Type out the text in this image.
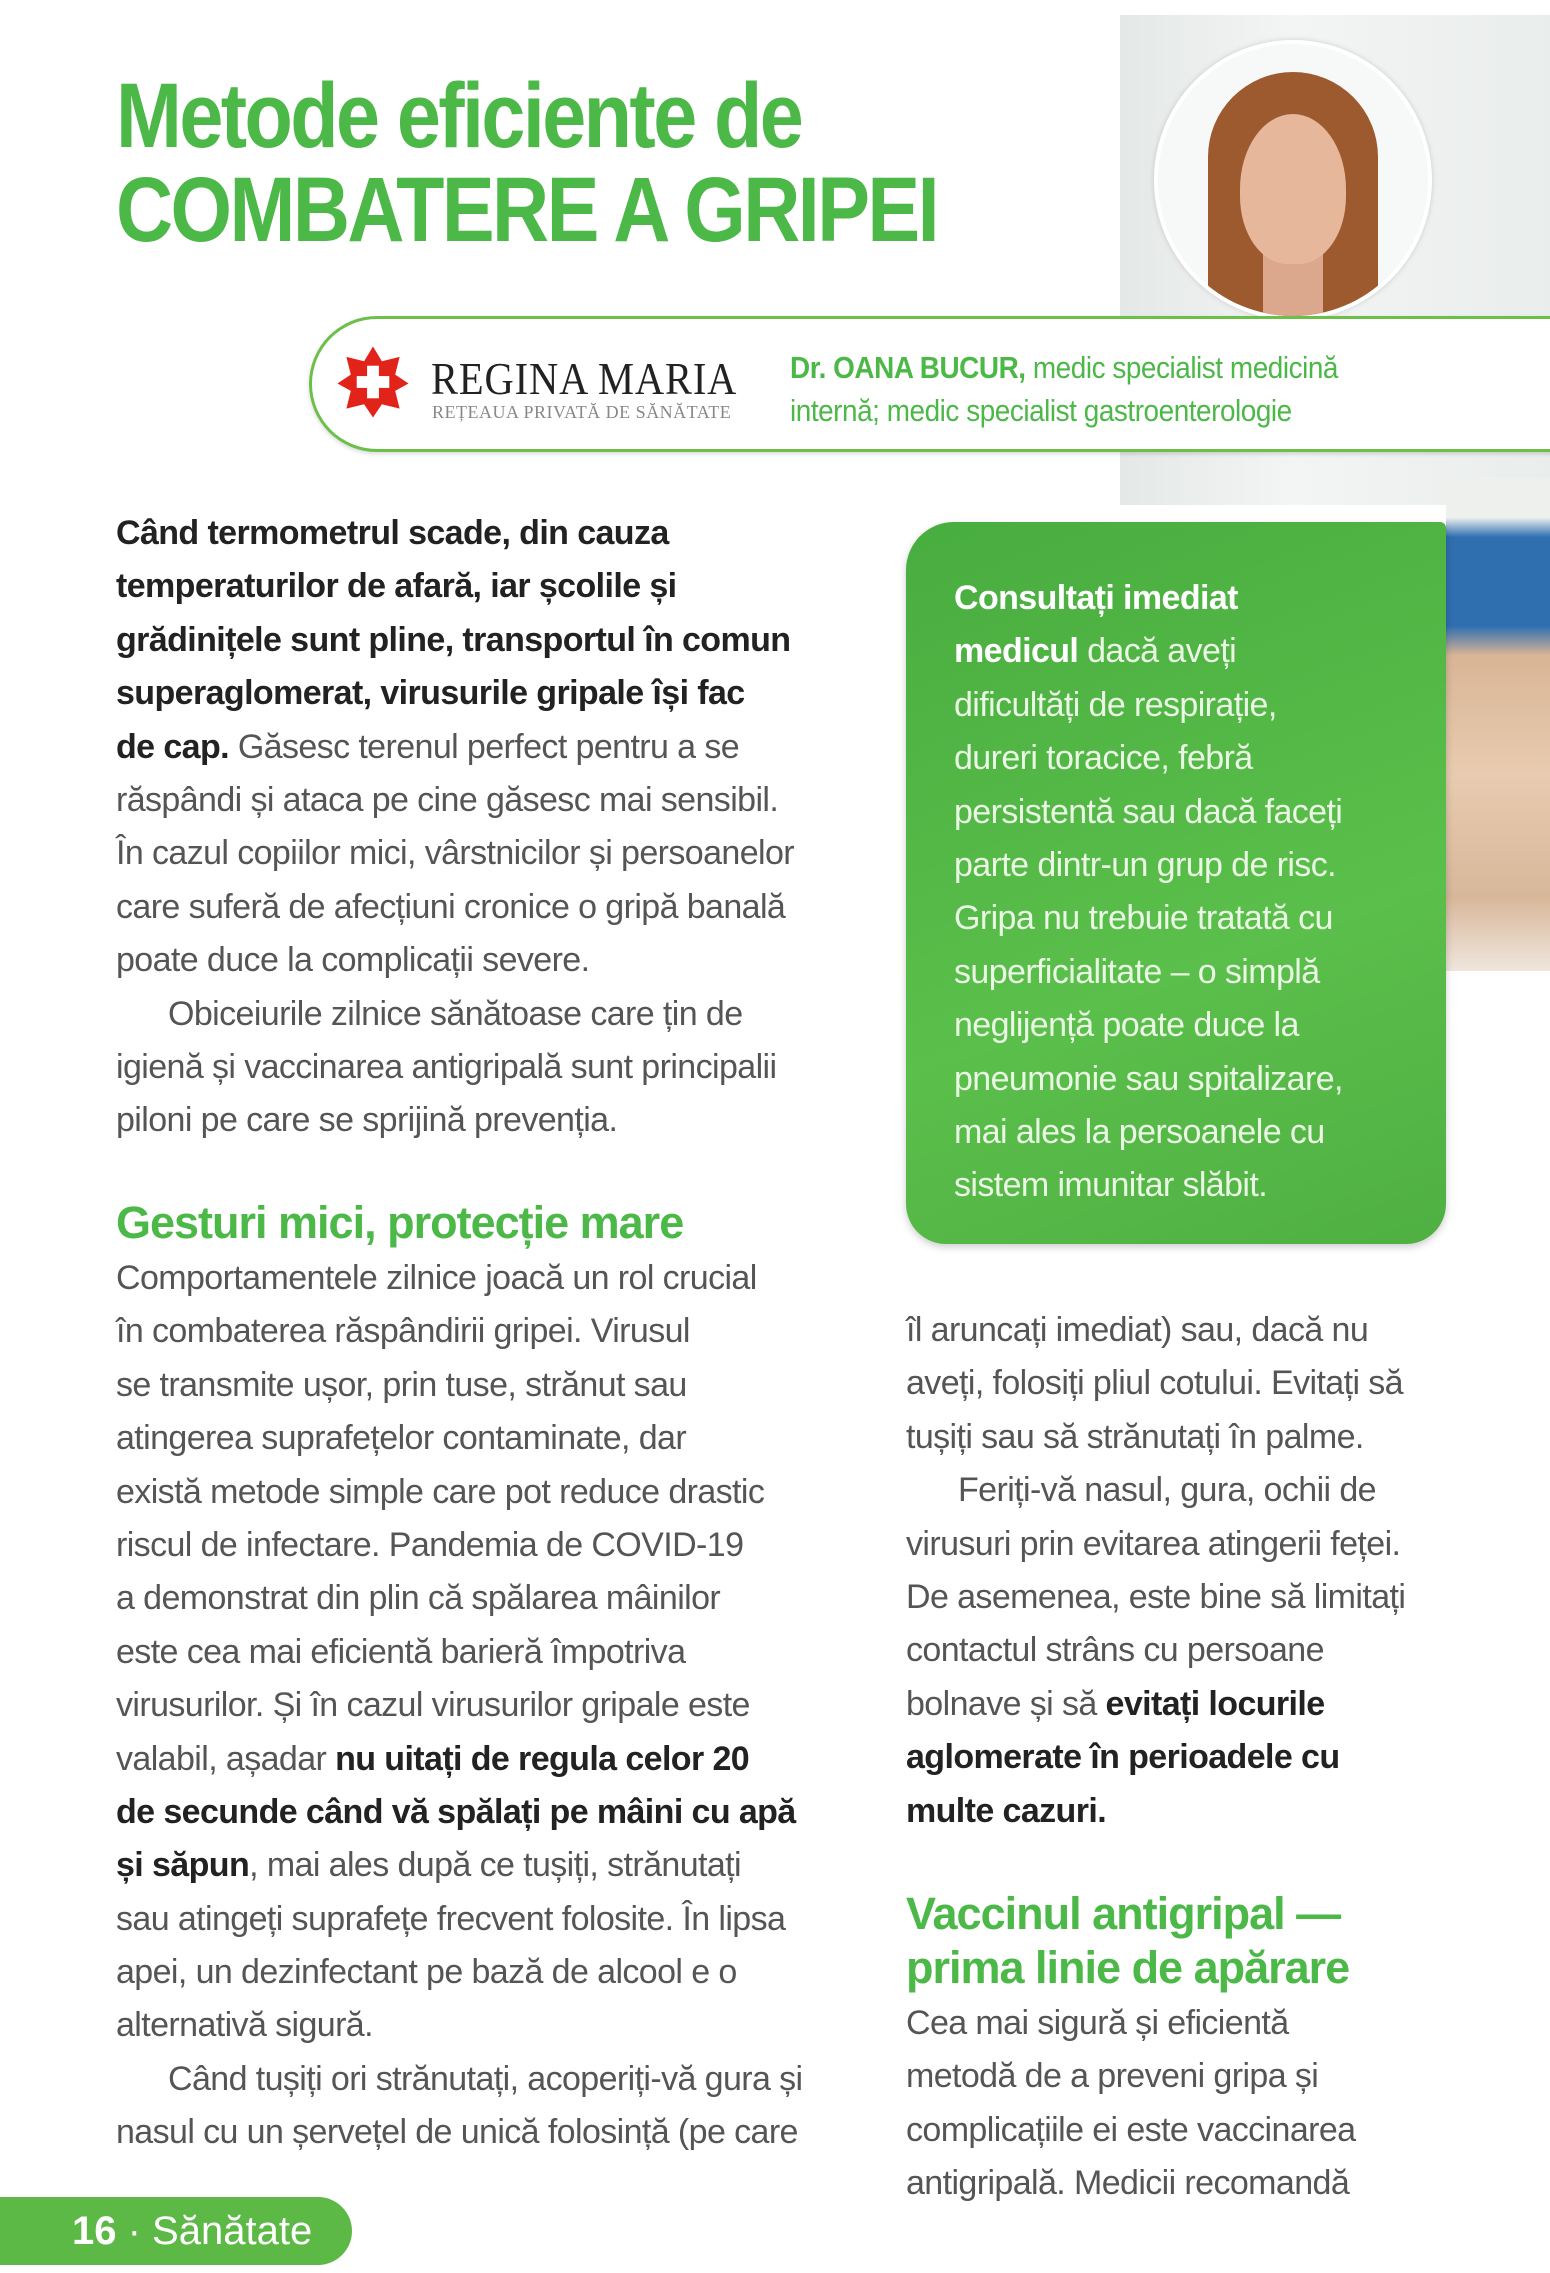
Metode eficiente de
COMBATERE A GRIPEI
REGINA MARIA
REȚEAUA PRIVATĂ DE SĂNĂTATE
Dr. OANA BUCUR, medic specialist medicină
internă; medic specialist gastroenterologie
Când termometrul scade, din cauza
temperaturilor de afară, iar școlile și
grădinițele sunt pline, transportul în comun
superaglomerat, virusurile gripale își fac
de cap. Găsesc terenul perfect pentru a se
răspândi și ataca pe cine găsesc mai sensibil.
În cazul copiilor mici, vârstnicilor și persoanelor
care suferă de afecțiuni cronice o gripă banală
poate duce la complicații severe.
Obiceiurile zilnice sănătoase care țin de
igienă și vaccinarea antigripală sunt principalii
piloni pe care se sprijină prevenția.
Gesturi mici, protecție mare
Comportamentele zilnice joacă un rol crucial
în combaterea răspândirii gripei. Virusul
se transmite ușor, prin tuse, strănut sau
atingerea suprafețelor contaminate, dar
există metode simple care pot reduce drastic
riscul de infectare. Pandemia de COVID-19
a demonstrat din plin că spălarea mâinilor
este cea mai eficientă barieră împotriva
virusurilor. Și în cazul virusurilor gripale este
valabil, așadar nu uitați de regula celor 20
de secunde când vă spălați pe mâini cu apă
și săpun, mai ales după ce tușiți, strănutați
sau atingeți suprafețe frecvent folosite. În lipsa
apei, un dezinfectant pe bază de alcool e o
alternativă sigură.
Când tușiți ori strănutați, acoperiți-vă gura și
nasul cu un șervețel de unică folosință (pe care
Consultați imediat
medicul dacă aveți
dificultăți de respirație,
dureri toracice, febră
persistentă sau dacă faceți
parte dintr-un grup de risc.
Gripa nu trebuie tratată cu
superficialitate – o simplă
neglijență poate duce la
pneumonie sau spitalizare,
mai ales la persoanele cu
sistem imunitar slăbit.
îl aruncați imediat) sau, dacă nu
aveți, folosiți pliul cotului. Evitați să
tușiți sau să strănutați în palme.
Feriți-vă nasul, gura, ochii de
virusuri prin evitarea atingerii feței.
De asemenea, este bine să limitați
contactul strâns cu persoane
bolnave și să evitați locurile
aglomerate în perioadele cu
multe cazuri.
Vaccinul antigripal —
prima linie de apărare
Cea mai sigură și eficientă
metodă de a preveni gripa și
complicațiile ei este vaccinarea
antigripală. Medicii recomandă
16 · Sănătate
